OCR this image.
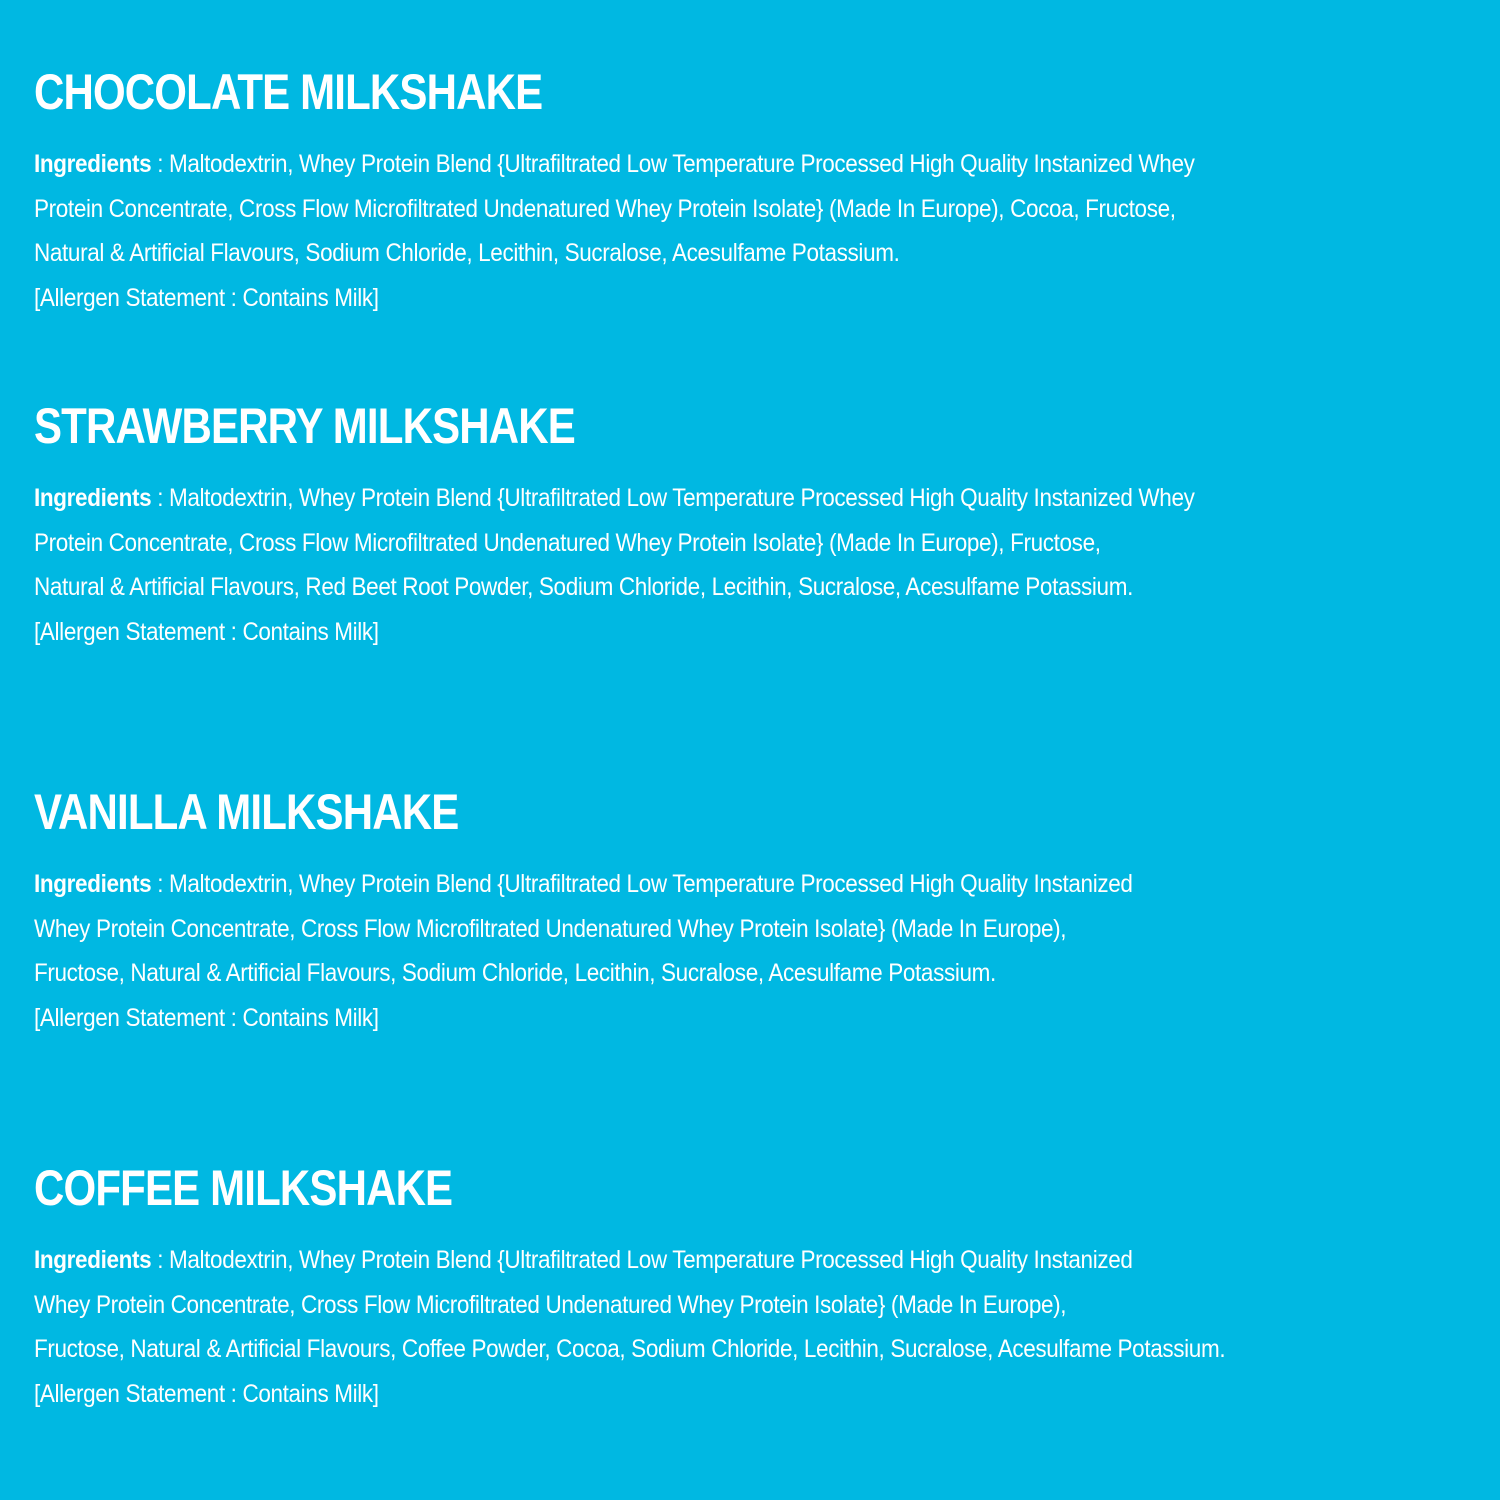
CHOCOLATE MILKSHAKE
Ingredients : Maltodextrin, Whey Protein Blend {Ultrafiltrated Low Temperature Processed High Quality Instanized Whey
Protein Concentrate, Cross Flow Microfiltrated Undenatured Whey Protein Isolate} (Made In Europe), Cocoa, Fructose,
Natural & Artificial Flavours, Sodium Chloride, Lecithin, Sucralose, Acesulfame Potassium.
[Allergen Statement : Contains Milk]
STRAWBERRY MILKSHAKE
Ingredients : Maltodextrin, Whey Protein Blend {Ultrafiltrated Low Temperature Processed High Quality Instanized Whey
Protein Concentrate, Cross Flow Microfiltrated Undenatured Whey Protein Isolate} (Made In Europe), Fructose,
Natural & Artificial Flavours, Red Beet Root Powder, Sodium Chloride, Lecithin, Sucralose, Acesulfame Potassium.
[Allergen Statement : Contains Milk]
VANILLA MILKSHAKE
Ingredients : Maltodextrin, Whey Protein Blend {Ultrafiltrated Low Temperature Processed High Quality Instanized
Whey Protein Concentrate, Cross Flow Microfiltrated Undenatured Whey Protein Isolate} (Made In Europe),
Fructose, Natural & Artificial Flavours, Sodium Chloride, Lecithin, Sucralose, Acesulfame Potassium.
[Allergen Statement : Contains Milk]
COFFEE MILKSHAKE
Ingredients : Maltodextrin, Whey Protein Blend {Ultrafiltrated Low Temperature Processed High Quality Instanized
Whey Protein Concentrate, Cross Flow Microfiltrated Undenatured Whey Protein Isolate} (Made In Europe),
Fructose, Natural & Artificial Flavours, Coffee Powder, Cocoa, Sodium Chloride, Lecithin, Sucralose, Acesulfame Potassium.
[Allergen Statement : Contains Milk]
